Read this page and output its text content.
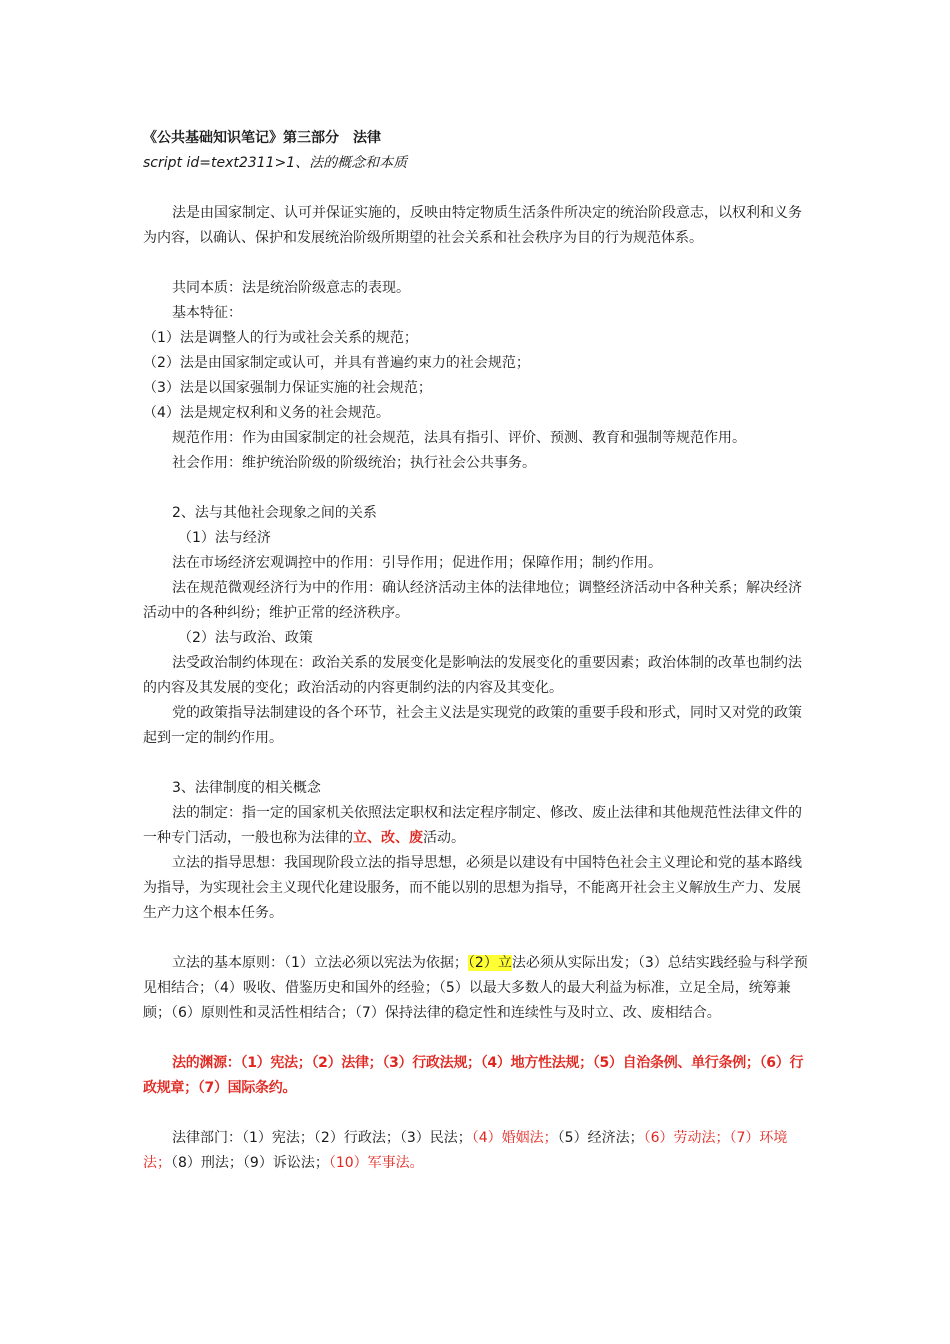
《公共基础知识笔记》第三部分　法律

script id=text2311>1、法的概念和本质

法是由国家制定、认可并保证实施的，反映由特定物质生活条件所决定的统治阶段意志，以权利和义务为内容，以确认、保护和发展统治阶级所期望的社会关系和社会秩序为目的行为规范体系。

共同本质：法是统治阶级意志的表现。

基本特征：

（1）法是调整人的行为或社会关系的规范；

（2）法是由国家制定或认可，并具有普遍约束力的社会规范；

（3）法是以国家强制力保证实施的社会规范；

（4）法是规定权利和义务的社会规范。

规范作用：作为由国家制定的社会规范，法具有指引、评价、预测、教育和强制等规范作用。

社会作用：维护统治阶级的阶级统治；执行社会公共事务。

2、法与其他社会现象之间的关系

（1）法与经济

法在市场经济宏观调控中的作用：引导作用；促进作用；保障作用；制约作用。

法在规范微观经济行为中的作用：确认经济活动主体的法律地位；调整经济活动中各种关系；解决经济活动中的各种纠纷；维护正常的经济秩序。

（2）法与政治、政策

法受政治制约体现在：政治关系的发展变化是影响法的发展变化的重要因素；政治体制的改革也制约法的内容及其发展的变化；政治活动的内容更制约法的内容及其变化。

党的政策指导法制建设的各个环节，社会主义法是实现党的政策的重要手段和形式，同时又对党的政策起到一定的制约作用。

3、法律制度的相关概念

法的制定：指一定的国家机关依照法定职权和法定程序制定、修改、废止法律和其他规范性法律文件的一种专门活动，一般也称为法律的立、改、废活动。

立法的指导思想：我国现阶段立法的指导思想，必须是以建设有中国特色社会主义理论和党的基本路线为指导，为实现社会主义现代化建设服务，而不能以别的思想为指导，不能离开社会主义解放生产力、发展生产力这个根本任务。

立法的基本原则：（1）立法必须以宪法为依据；（2）立法必须从实际出发；（3）总结实践经验与科学预见相结合；（4）吸收、借鉴历史和国外的经验；（5）以最大多数人的最大利益为标准，立足全局，统筹兼顾；（6）原则性和灵活性相结合；（7）保持法律的稳定性和连续性与及时立、改、废相结合。

法的渊源：（1）宪法；（2）法律；（3）行政法规；（4）地方性法规；（5）自治条例、单行条例；（6）行政规章；（7）国际条约。

法律部门：（1）宪法；（2）行政法；（3）民法；（4）婚姻法；（5）经济法；（6）劳动法；（7）环境法；（8）刑法；（9）诉讼法；（10）军事法。
